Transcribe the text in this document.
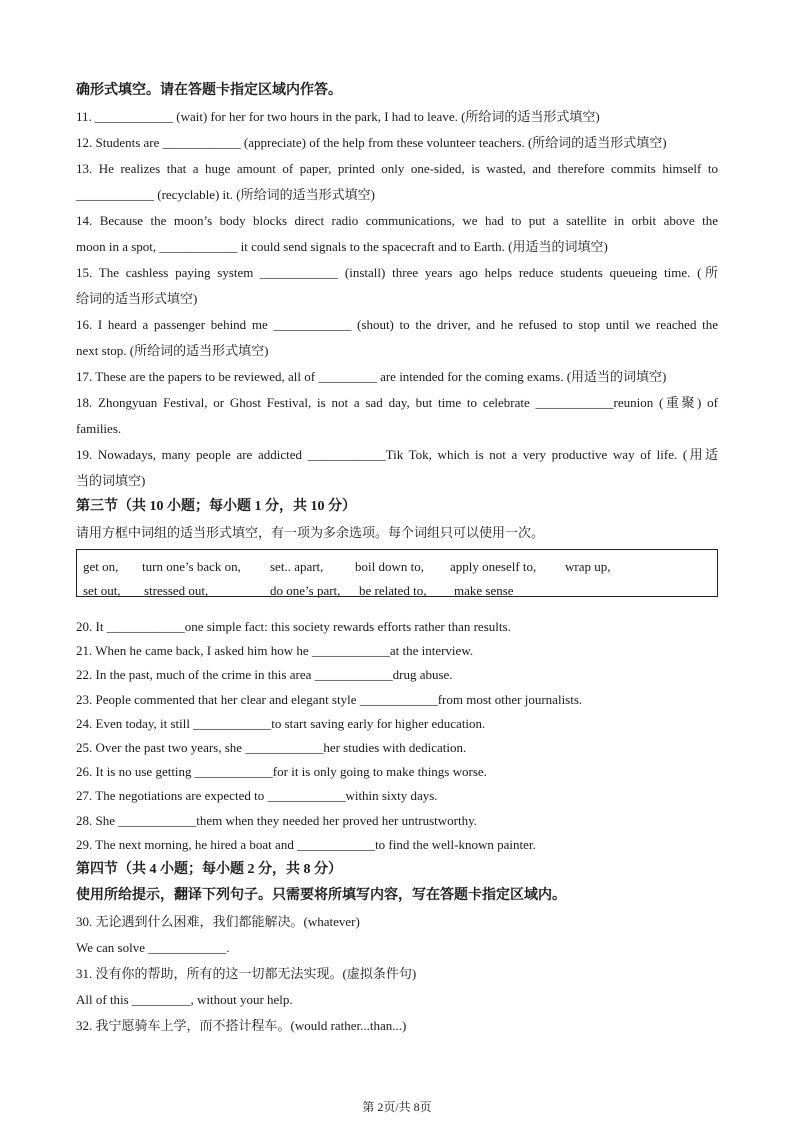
确形式填空。请在答题卡指定区域内作答。
11. ____________ (wait) for her for two hours in the park, I had to leave. (所给词的适当形式填空)
12. Students are ____________ (appreciate) of the help from these volunteer teachers. (所给词的适当形式填空)
13. He realizes that a huge amount of paper, printed only one-sided, is wasted, and therefore commits himself to
____________ (recyclable) it. (所给词的适当形式填空)
14. Because the moon’s body blocks direct radio communications, we had to put a satellite in orbit above the
moon in a spot, ____________ it could send signals to the spacecraft and to Earth. (用适当的词填空)
15. The cashless paying system ____________ (install) three years ago helps reduce students queueing time. (所
给词的适当形式填空)
16. I heard a passenger behind me ____________ (shout) to the driver, and he refused to stop until we reached the
next stop. (所给词的适当形式填空)
17. These are the papers to be reviewed, all of _________ are intended for the coming exams. (用适当的词填空)
18. Zhongyuan Festival, or Ghost Festival, is not a sad day, but time to celebrate ____________reunion (重聚) of
families.
19. Nowadays, many people are addicted ____________Tik Tok, which is not a very productive way of life. (用适
当的词填空)
第三节（共 10 小题；每小题 1 分，共 10 分）
请用方框中词组的适当形式填空，有一项为多余选项。每个词组只可以使用一次。
get on, turn one’s back on, set.. apart, boil down to, apply oneself to, wrap up,
set out, stressed out,	do one’s part, be related to, make sense
20. It ____________one simple fact: this society rewards efforts rather than results.
21. When he came back, I asked him how he ____________at the interview.
22. In the past, much of the crime in this area ____________drug abuse.
23. People commented that her clear and elegant style ____________from most other journalists.
24. Even today, it still ____________to start saving early for higher education.
25. Over the past two years, she ____________her studies with dedication.
26. It is no use getting ____________for it is only going to make things worse.
27. The negotiations are expected to ____________within sixty days.
28. She ____________them when they needed her proved her untrustworthy.
29. The next morning, he hired a boat and ____________to find the well-known painter.
第四节（共 4 小题；每小题 2 分，共 8 分）
使用所给提示，翻译下列句子。只需要将所填写内容，写在答题卡指定区域内。
30. 无论遇到什么困难，我们都能解决。(whatever)
We can solve ____________.
31. 没有你的帮助，所有的这一切都无法实现。(虚拟条件句)
All of this _________, without your help.
32. 我宁愿骑车上学，而不搭计程车。(would rather...than...)
第 2页/共 8页
